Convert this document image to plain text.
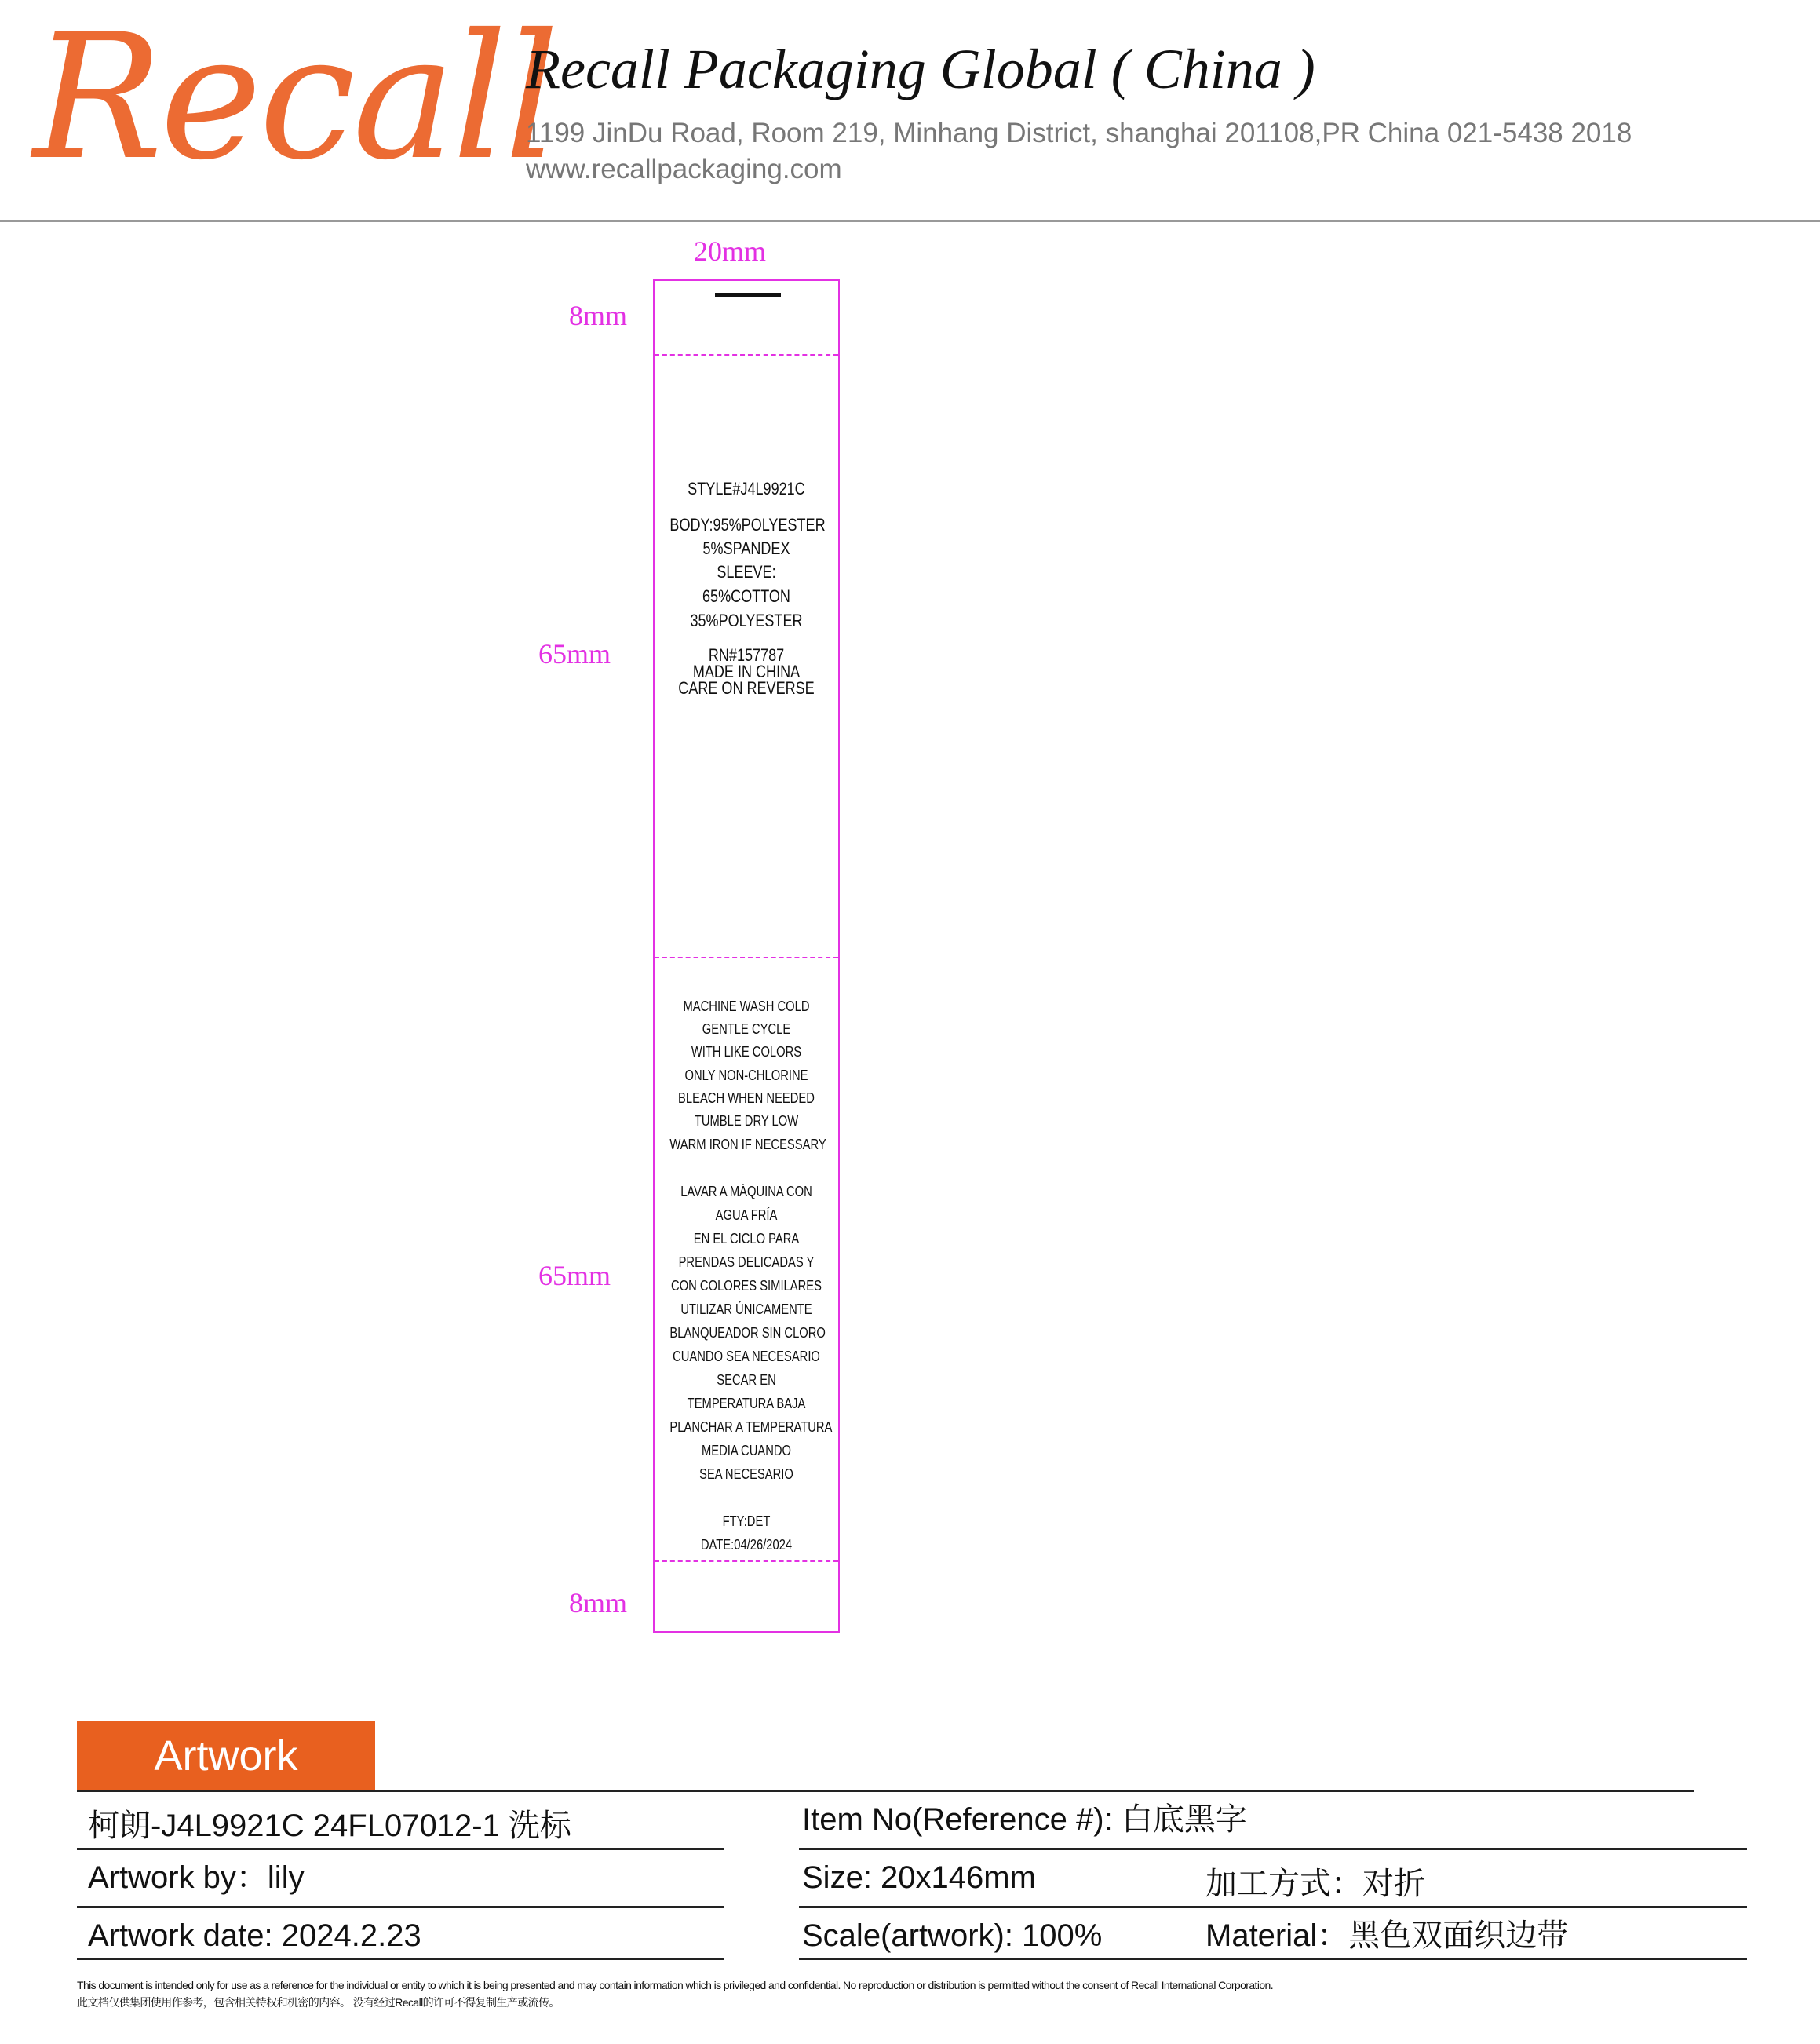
Recall
Recall Packaging Global ( China )
1199 JinDu Road, Room 219, Minhang District, shanghai 201108,PR China 021-5438 2018
www.recallpackaging.com
20mm
8mm
65mm
65mm
8mm
STYLE#J4L9921C
BODY:95%POLYESTER
5%SPANDEX
SLEEVE:
65%COTTON
35%POLYESTER
RN#157787
MADE IN CHINA
CARE ON REVERSE
MACHINE WASH COLD
GENTLE CYCLE
WITH LIKE COLORS
ONLY NON-CHLORINE
BLEACH WHEN NEEDED
TUMBLE DRY LOW
WARM IRON IF NECESSARY
LAVAR A MÁQUINA CON
AGUA FRÍA
EN EL CICLO PARA
PRENDAS DELICADAS Y
CON COLORES SIMILARES
UTILIZAR ÚNICAMENTE
BLANQUEADOR SIN CLORO
CUANDO SEA NECESARIO
SECAR EN
TEMPERATURA BAJA
PLANCHAR A TEMPERATURA
MEDIA CUANDO
SEA NECESARIO
FTY:DET
DATE:04/26/2024
Artwork
柯朗-J4L9921C 24FL07012-1 洗标	Item No(Reference #): 白底黑字
Artwork by：lily	Size: 20x146mm	加工方式：对折
Artwork date: 2024.2.23	Scale(artwork): 100%	Material：黑色双面织边带
This document is intended only for use as a reference for the individual or entity to which it is being presented and may contain information which is privileged and confidential. No reproduction or distribution is permitted without the consent of Recall International Corporation.
此文档仅供集团使用作参考，包含相关特权和机密的内容。 没有经过Recall的许可不得复制生产或流传。
